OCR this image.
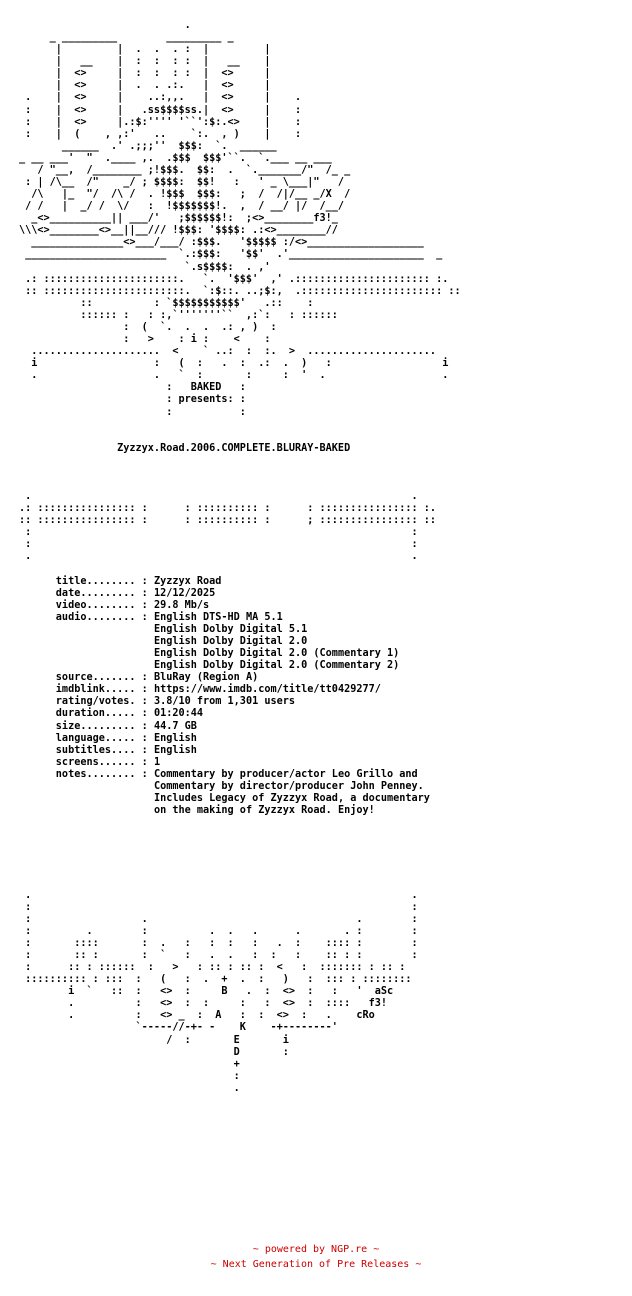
.
_ _________        _________ _
|         |  .  .  . :  |         |
|   __    |  :  :  : :  |   __    |
|  <>     |  :  :  : :  |  <>     |
|  <>     |  .  . .:.   |  <>     |
.    |  <>     |    ..:,,.   |  <>     |    .
:    |  <>     |   .ss$$$$ss.|  <>     |    :
:    |  <>     |.:$:'''' '``':$:.<>    |    :
:    |  (    , ,:'   ..    `:.  , )    |    :
______  .' .;;;''  $$$:  `.  ______
_ __ ___'  "  .____ ,.  .$$$  $$$'``.  `.___ __ ___
/ "__,  /________ ;!$$$.  $$:  .  `._______/"  /_ _
: | /\__  /"    _/ ; $$$$:  $$!   :   ' _ \___|"   /
/\   |_  "/  /\ /  . !$$$  $$$:   ;  /  /|/__ _/X  /
/ /   |  _/ /  \/   :  !$$$$$$$!.  ,  / __/ |/  /__/
_<>__________|| ___/'   ;$$$$$$!:  ;<>________f3!_
\\\<>________<>__||__/// !$$$: '$$$$: .:<>________//
_______________<>___/___/ :$$$.   '$$$$$ :/<>___________________
_______________________  `.:$$$:   '$$'  .'______________________  _
`.s$$$$:  . ,'
.: ::::::::::::::::::::::.   `.  '$$$'  ,' .:::::::::::::::::::::: :.
:: :::::::::::::::::::::::.  `:$::. ..;$:,  .::::::::::::::::::::::: ::
::          : `$$$$$$$$$$$'   .::    :
:::::: :   : :,`'''''''``  ,:`:   : ::::::
:  (  `.  .  .  .: , )  :
:   >    : i :    <    :
.....................  <    ` ..:  :  :.  >  .....................
i                   :   (  :   .  :  .:  .  )   :                  i
.                   .   `  :       :     :  '  .                   .
:   BAKED   :
: presents: :
:           :

Zyzzyx.Road.2006.COMPLETE.BLURAY-BAKED

.                                                              .
.: :::::::::::::::: :      : :::::::::: :      : :::::::::::::::: :.
:: :::::::::::::::: :      : :::::::::: :      ; :::::::::::::::: ::
:                                                              :
:                                                              :
.                                                              .

title........ : Zyzzyx Road
date......... : 12/12/2025
video........ : 29.8 Mb/s
audio........ : English DTS-HD MA 5.1
English Dolby Digital 5.1
English Dolby Digital 2.0
English Dolby Digital 2.0 (Commentary 1)
English Dolby Digital 2.0 (Commentary 2)
source....... : BluRay (Region A)
imdblink..... : https://www.imdb.com/title/tt0429277/
rating/votes. : 3.8/10 from 1,301 users
duration..... : 01:20:44
size......... : 44.7 GB
language..... : English
subtitles.... : English
screens...... : 1
notes........ : Commentary by producer/actor Leo Grillo and
Commentary by director/producer John Penney.
Includes Legacy of Zyzzyx Road, a documentary
on the making of Zyzzyx Road. Enjoy!

.                                                              .
:                                                              :
:                  .                                  .        :
:         .        :          .  .   .      .       . :        :
:       ::::       :  .   :   :  :   :   .  :    :::: :        :
:       :: :       :  `   :   .  .   :  :   :    :: : :        :
:      :: : ::::::  :   >   : :: : :: :  <   :  ::::::: : :: :
:::::::::: : :::  :   (   :  .  +  .  :   )   :  ::: : ::::::::
i  `   ::  :   <>  :     B   .  :  <>  :   :   '  aSc
.          :   <>  :  :     :   :  <>  :  ::::   f3!
.          :   <> _  :  A   :  :  <>  :   .    cRo
`-----//-+- -    K    -+--------'
/  :       E       i
D       :
+
:
.
~ powered by NGP.re ~
~ Next Generation of Pre Releases ~
